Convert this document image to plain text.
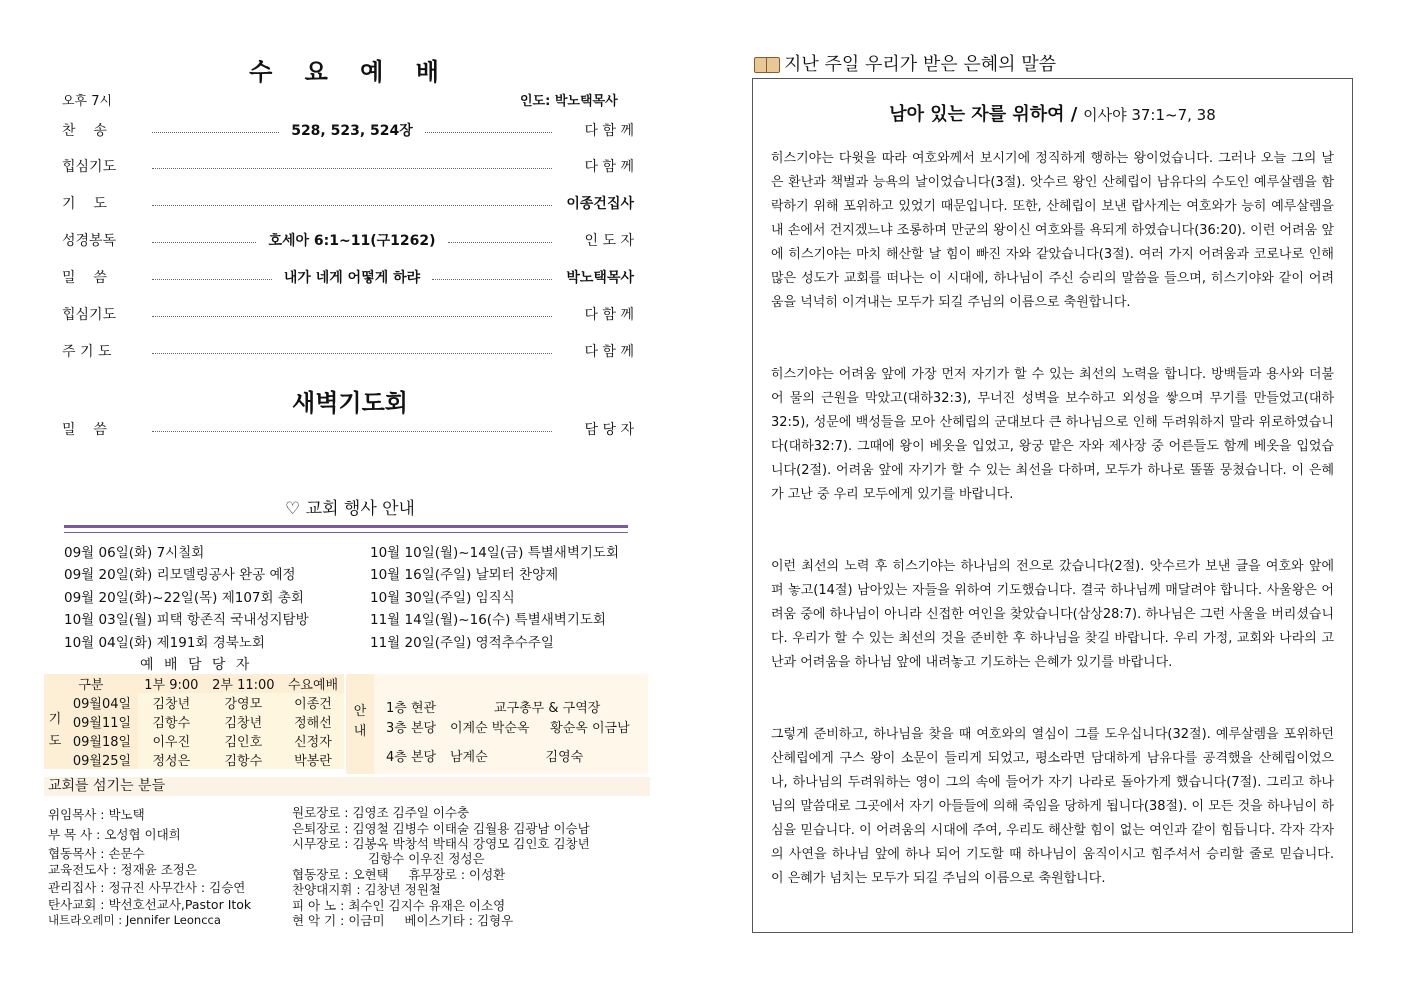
수 요 예 배
오후 7시	인도: 박노택목사
찬    송	528, 523, 524장	다 함 께
힙심기도	다 함 께
기    도	이종건집사
성경봉독	호세아 6:1~11(구1262)	인 도 자
밀    씀	내가 네게 어떻게 하랴	박노택목사
힙심기도	다 함 께
주 기 도	다 함 께
새벽기도회
밀    씀	담 당 자
♡ 교회 행사 안내
09월 06일(화) 7시칠회
09월 20일(화) 리모델링공사 완공 예정
09월 20일(화)~22일(목) 제107회 총회
10월 03일(월) 피택 항존직 국내성지탐방
10월 04일(화) 제191회 경북노회
10월 10일(월)~14일(금) 특별새벽기도회
10월 16일(주일) 날뫼터 찬양제
10월 30일(주일) 임직식
11월 14일(월)~16(수) 특별새벽기도회
11월 20일(주일) 영적추수주일
예 배 담 당 자
구분		1부 9:00	2부 11:00	수요예배
기
도	09월04일	김창년	강영모	이종건
	09월11일	김항수	김창년	정해선
	09월18일	이우진	김인호	신정자
	09월25일	정성은	김항수	박봉란
안
내
1층 현관	교구총무 & 구역장
3층 본당 이계순 박순옥     황순옥 이금남
4층 본당 남계순              김영숙
교회를 섬기는 분들
위임목사 : 박노택
부 목 사 : 오성협 이대희
협동목사 : 손문수
교육전도사 : 정재윤 조정은
관리집사 : 정규진 사무간사 : 김승연
탄사교회 : 박선호선교사,Pastor Itok
내트라오레미 : Jennifer Leoncca
원로장로 : 김영조 김주일 이수충
은퇴장로 : 김영철 김병수 이태술 김월용 김광남 이승남
시무장로 : 김봉옥 박창석 박태식 강영모 김인호 김창년
김항수 이우진 정성은
협동장로 : 오현택     휴무장로 : 이성환
찬양대지휘 : 김창년 정원철
피 아 노 : 최수인 김지수 유재은 이소영
현 악 기 : 이금미     베이스기타 : 김형우
지난 주일 우리가 받은 은혜의 말씀
남아 있는 자를 위하여 / 이사야 37:1~7, 38

히스기야는 다윗을 따라 여호와께서 보시기에 정직하게 행하는 왕이었습니다. 그러나 오늘 그의 날은 환난과 책벌과 능욕의 날이었습니다(3절). 앗수르 왕인 산헤립이 남유다의 수도인 예루살렘을 함락하기 위해 포위하고 있었기 때문입니다. 또한, 산헤립이 보낸 랍사게는 여호와가 능히 예루살렘을 내 손에서 건지겠느냐 조롱하며 만군의 왕이신 여호와를 욕되게 하였습니다(36:20). 이런 어려움 앞에 히스기야는 마치 해산할 날 힘이 빠진 자와 같았습니다(3절). 여러 가지 어려움과 코로나로 인해 많은 성도가 교회를 떠나는 이 시대에, 하나님이 주신 승리의 말씀을 들으며, 히스기야와 같이 어려움을 넉넉히 이겨내는 모두가 되길 주님의 이름으로 축원합니다.

히스기야는 어려움 앞에 가장 먼저 자기가 할 수 있는 최선의 노력을 합니다. 방백들과 용사와 더불어 물의 근원을 막았고(대하32:3), 무너진 성벽을 보수하고 외성을 쌓으며 무기를 만들었고(대하32:5), 성문에 백성들을 모아 산헤립의 군대보다 큰 하나님으로 인해 두려워하지 말라 위로하였습니다(대하32:7). 그때에 왕이 베옷을 입었고, 왕궁 맡은 자와 제사장 중 어른들도 함께 베옷을 입었습니다(2절). 어려움 앞에 자기가 할 수 있는 최선을 다하며, 모두가 하나로 똘똘 뭉쳤습니다. 이 은혜가 고난 중 우리 모두에게 있기를 바랍니다.

이런 최선의 노력 후 히스기야는 하나님의 전으로 갔습니다(2절). 앗수르가 보낸 글을 여호와 앞에 펴 놓고(14절) 남아있는 자들을 위하여 기도했습니다. 결국 하나님께 매달려야 합니다. 사울왕은 어려움 중에 하나님이 아니라 신접한 여인을 찾았습니다(삼상28:7). 하나님은 그런 사울을 버리셨습니다. 우리가 할 수 있는 최선의 것을 준비한 후 하나님을 찾길 바랍니다. 우리 가정, 교회와 나라의 고난과 어려움을 하나님 앞에 내려놓고 기도하는 은혜가 있기를 바랍니다.

그렇게 준비하고, 하나님을 찾을 때 여호와의 열심이 그를 도우십니다(32절). 예루살렘을 포위하던 산헤립에게 구스 왕이 소문이 들리게 되었고, 평소라면 담대하게 남유다를 공격했을 산헤립이었으나, 하나님의 두려워하는 영이 그의 속에 들어가 자기 나라로 돌아가게 했습니다(7절). 그리고 하나님의 말씀대로 그곳에서 자기 아들들에 의해 죽임을 당하게 됩니다(38절). 이 모든 것을 하나님이 하심을 믿습니다. 이 어려움의 시대에 주여, 우리도 해산할 힘이 없는 여인과 같이 힘듭니다. 각자 각자의 사연을 하나님 앞에 하나 되어 기도할 때 하나님이 움직이시고 힘주셔서 승리할 줄로 믿습니다. 이 은혜가 넘치는 모두가 되길 주님의 이름으로 축원합니다.
